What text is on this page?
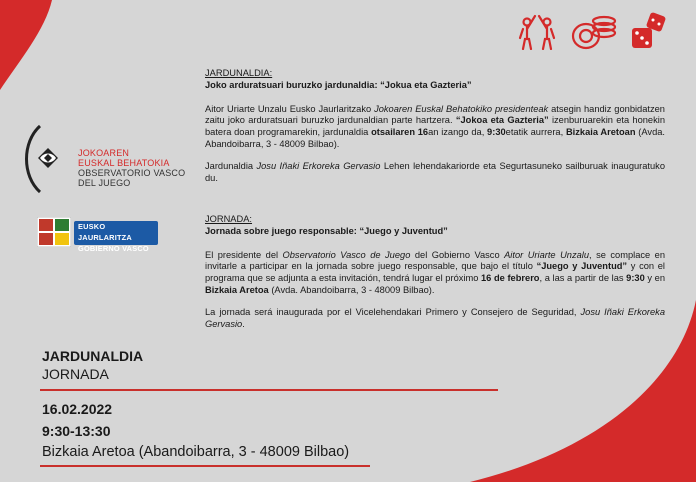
JOKOAREN
EUSKAL BEHATOKIA
OBSERVATORIO VASCO
DEL JUEGO
EUSKO JAURLARITZA
GOBIERNO VASCO

JARDUNALDIA:

Joko arduratsuari buruzko jardunaldia: “Jokua eta Gazteria”

Aitor Uriarte Unzalu Eusko Jaurlaritzako Jokoaren Euskal Behatokiko presidenteak atsegin handiz gonbidatzen zaitu joko arduratsuari buruzko jardunaldian parte hartzera. “Jokoa eta Gazteria” izenburuarekin eta honekin batera doan programarekin, jardunaldia otsailaren 16an izango da, 9:30etatik aurrera, Bizkaia Aretoan (Avda. Abandoibarra, 3 - 48009 Bilbao).

Jardunaldia Josu Iñaki Erkoreka Gervasio Lehen lehendakariorde eta Segurtasuneko sailburuak inauguratuko du.

JORNADA:

Jornada sobre juego responsable: “Juego y Juventud”

El presidente del Observatorio Vasco de Juego del Gobierno Vasco Aitor Uriarte Unzalu, se complace en invitarle a participar en la jornada sobre juego responsable, que bajo el título “Juego y Juventud” y con el programa que se adjunta a esta invitación, tendrá lugar el próximo 16 de febrero, a las a partir de las 9:30 y en Bizkaia Aretoa (Avda. Abandoibarra, 3 - 48009 Bilbao).

La jornada será inaugurada por el Vicelehendakari Primero y Consejero de Seguridad, Josu Iñaki Erkoreka Gervasio.

JARDUNALDIA
JORNADA
16.02.2022
9:30-13:30
Bizkaia Aretoa (Abandoibarra, 3 - 48009 Bilbao)
